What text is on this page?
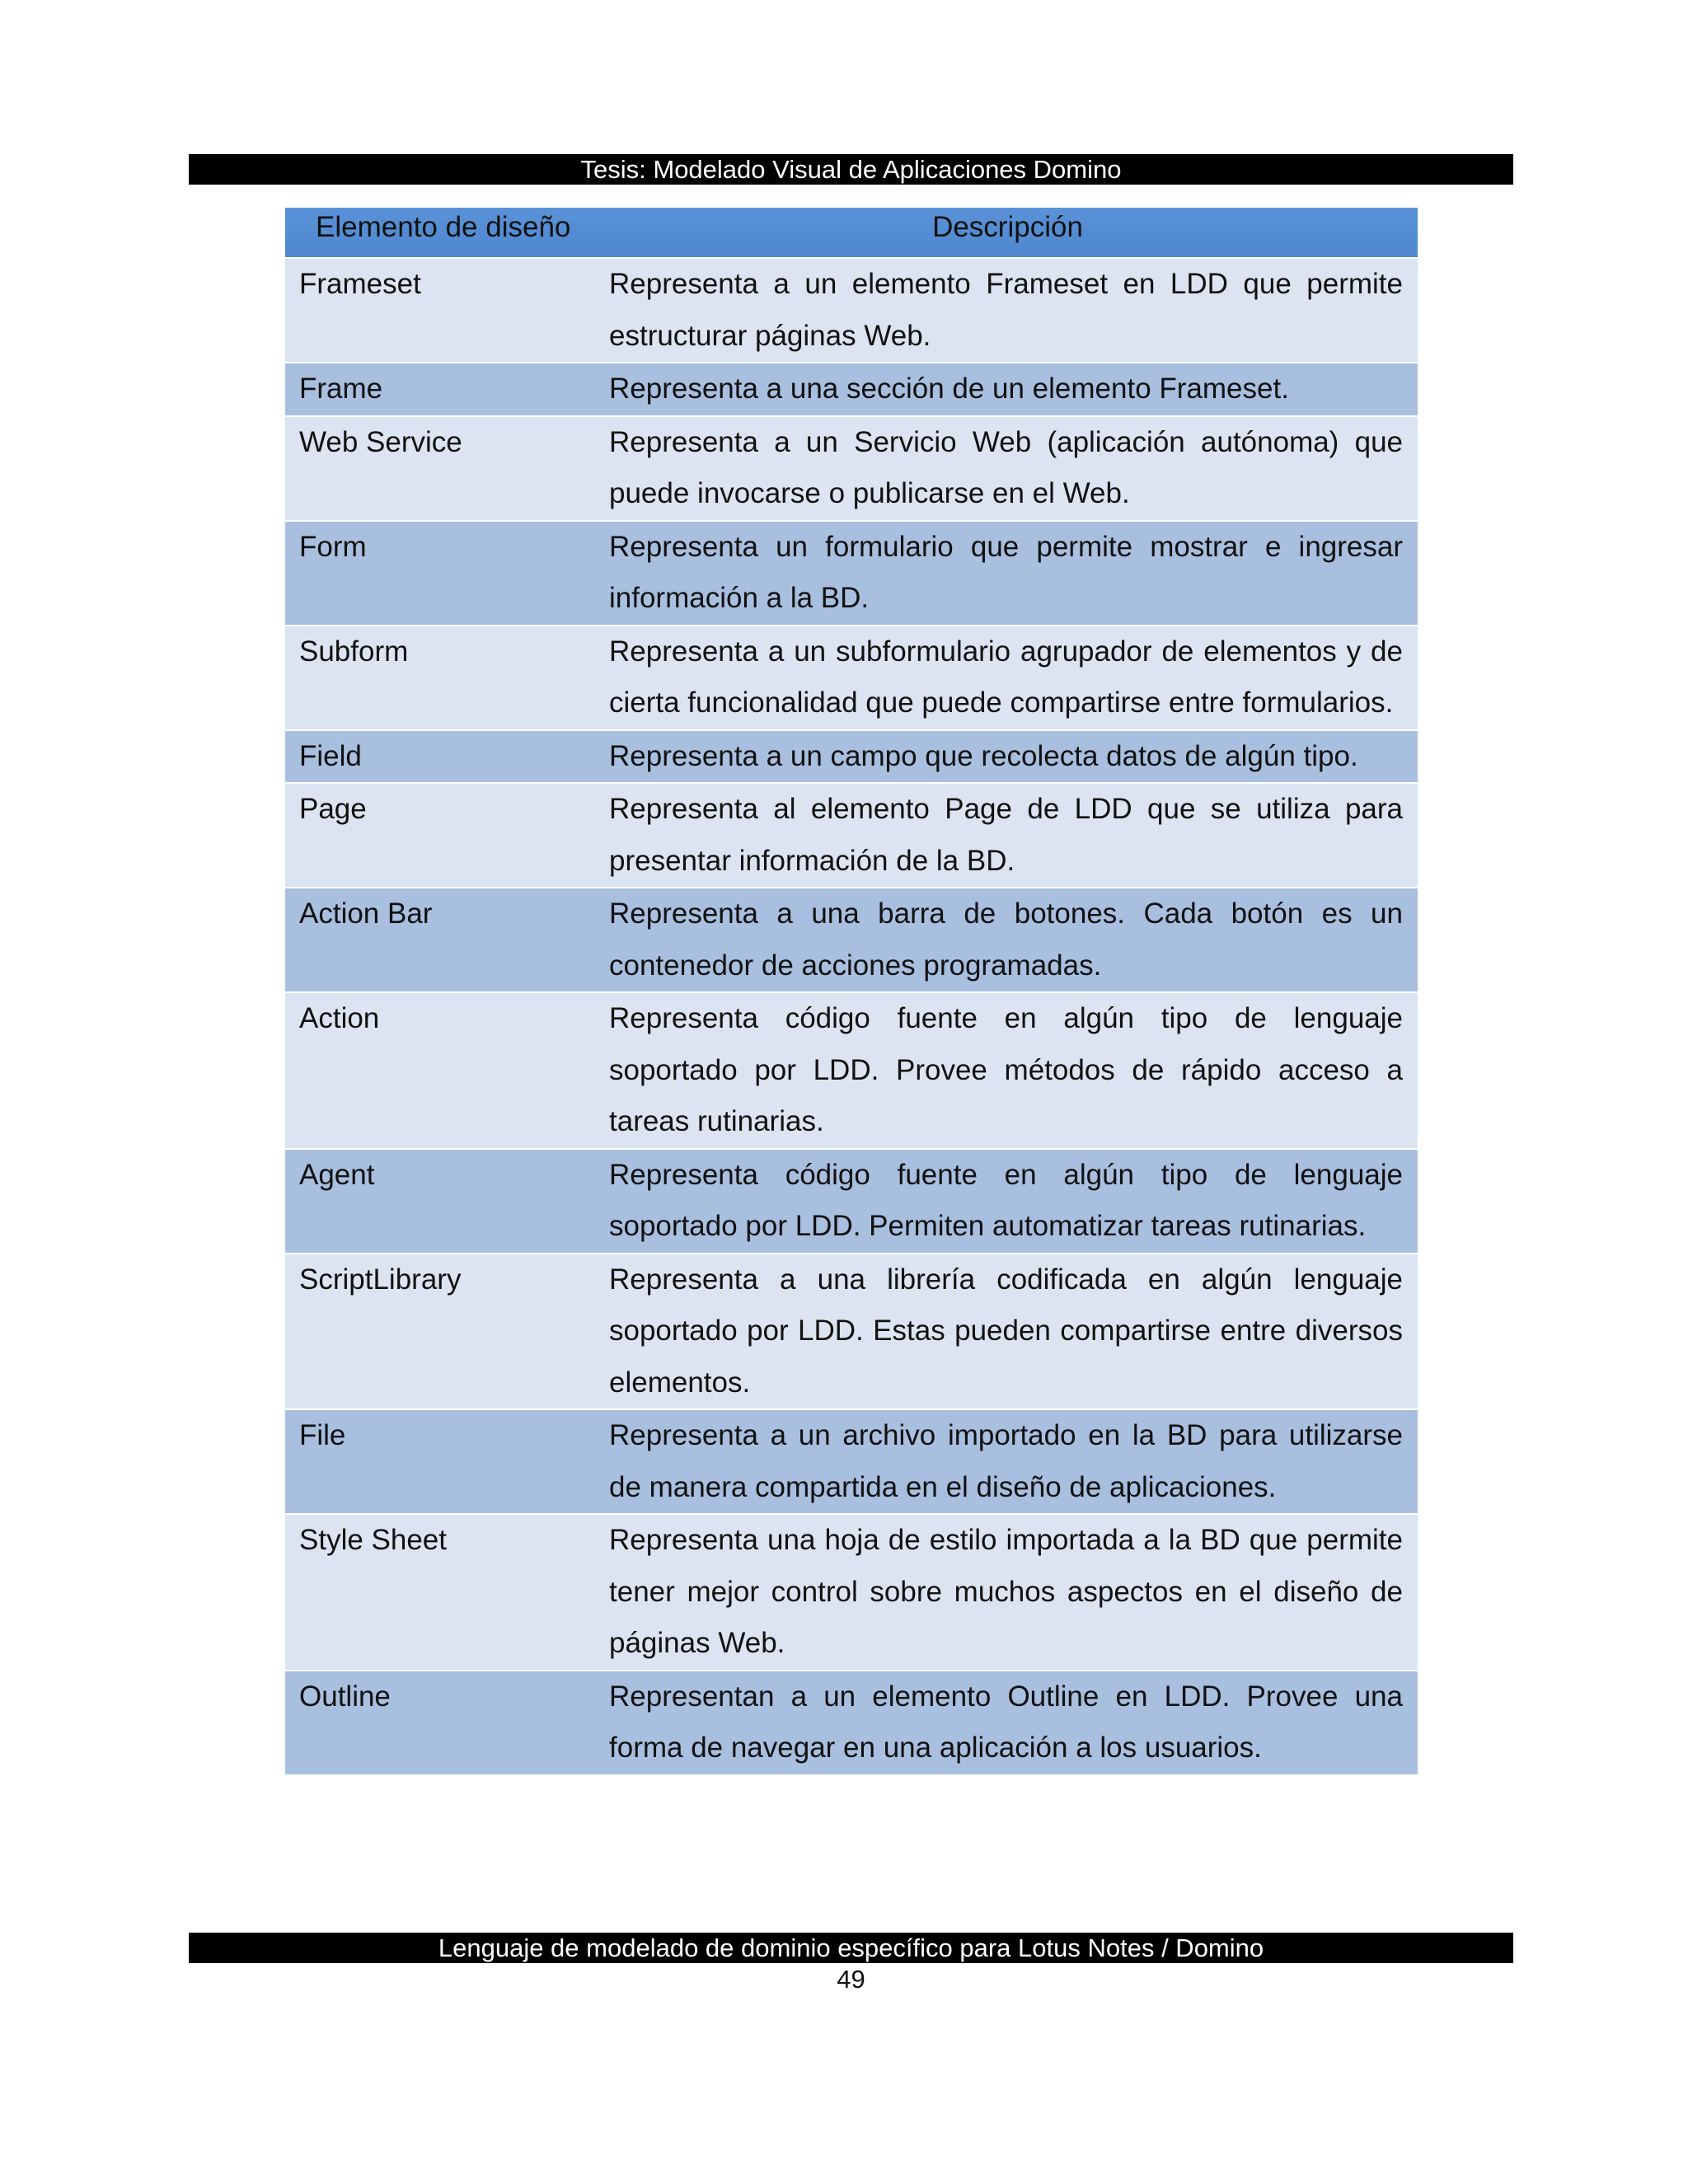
Tesis: Modelado Visual de Aplicaciones Domino
Elemento de diseño	Descripción
Frameset	Representa a un elemento Frameset en LDD que permite estructurar páginas Web.
Frame	Representa a una sección de un elemento Frameset.
Web Service	Representa a un Servicio Web (aplicación autónoma) que puede invocarse o publicarse en el Web.
Form	Representa un formulario que permite mostrar e ingresar información a la BD.
Subform	Representa a un subformulario agrupador de elementos y de cierta funcionalidad que puede compartirse entre formularios.
Field	Representa a un campo que recolecta datos de algún tipo.
Page	Representa al elemento Page de LDD que se utiliza para presentar información de la BD.
Action Bar	Representa a una barra de botones. Cada botón es un contenedor de acciones programadas.
Action	Representa código fuente en algún tipo de lenguaje soportado por LDD. Provee métodos de rápido acceso a tareas rutinarias.
Agent	Representa código fuente en algún tipo de lenguaje soportado por LDD. Permiten automatizar tareas rutinarias.
ScriptLibrary	Representa a una librería codificada en algún lenguaje soportado por LDD. Estas pueden compartirse entre diversos elementos.
File	Representa a un archivo importado en la BD para utilizarse de manera compartida en el diseño de aplicaciones.
Style Sheet	Representa una hoja de estilo importada a la BD que permite tener mejor control sobre muchos aspectos en el diseño de páginas Web.
Outline	Representan a un elemento Outline en LDD. Provee una forma de navegar en una aplicación a los usuarios.
Lenguaje de modelado de dominio específico para Lotus Notes / Domino
49
